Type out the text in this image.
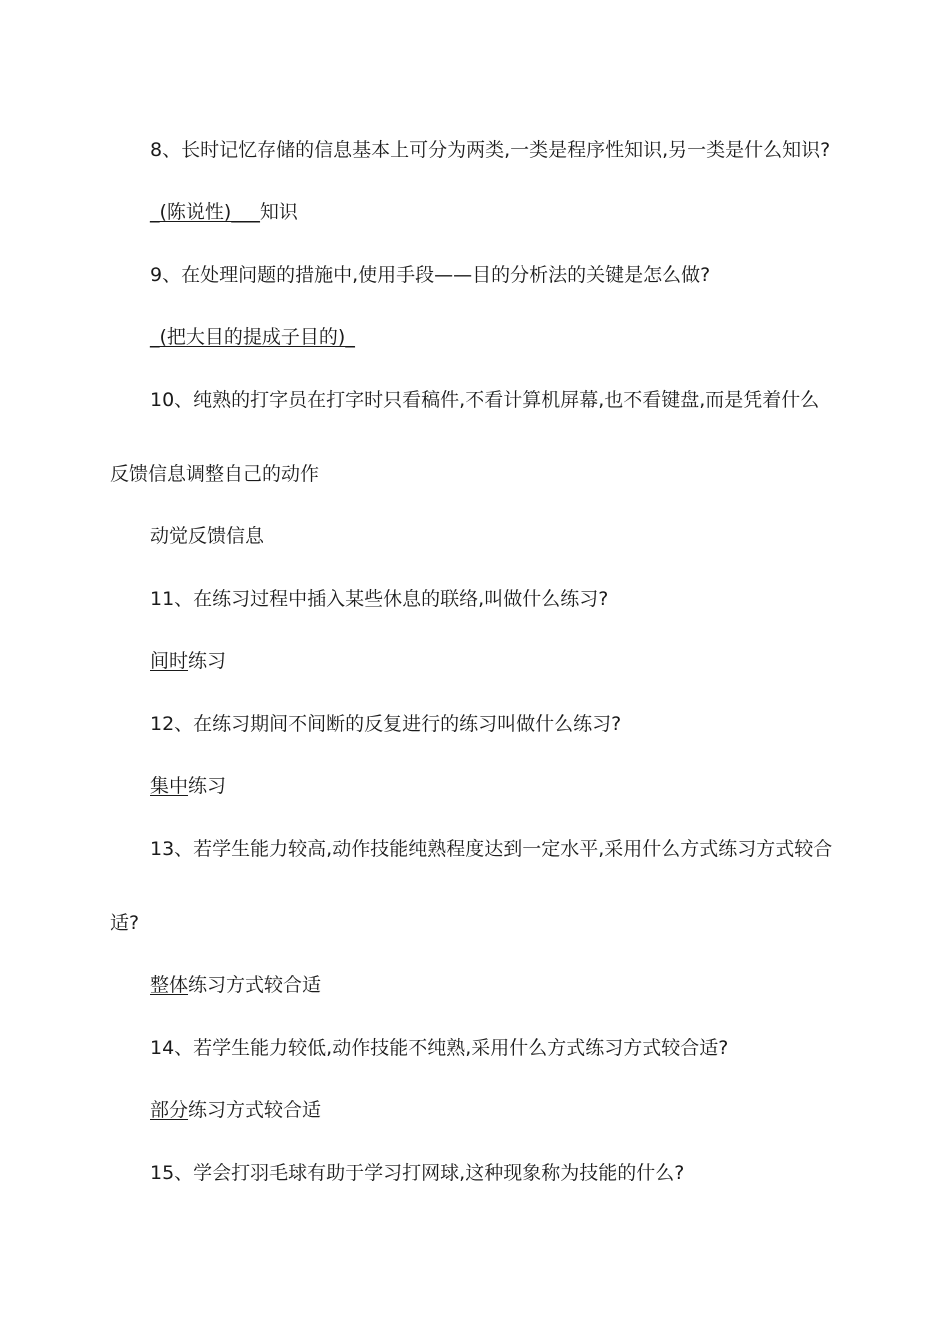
8、长时记忆存储的信息基本上可分为两类,一类是程序性知识,另一类是什么知识?
_(陈说性)___知识
9、在处理问题的措施中,使用手段——目的分析法的关键是怎么做?
_(把大目的提成子目的)_
10、纯熟的打字员在打字时只看稿件,不看计算机屏幕,也不看键盘,而是凭着什么
反馈信息调整自己的动作
动觉反馈信息
11、在练习过程中插入某些休息的联络,叫做什么练习?
间时练习
12、在练习期间不间断的反复进行的练习叫做什么练习?
集中练习
13、若学生能力较高,动作技能纯熟程度达到一定水平,采用什么方式练习方式较合
适?
整体练习方式较合适
14、若学生能力较低,动作技能不纯熟,采用什么方式练习方式较合适?
部分练习方式较合适
15、学会打羽毛球有助于学习打网球,这种现象称为技能的什么?
